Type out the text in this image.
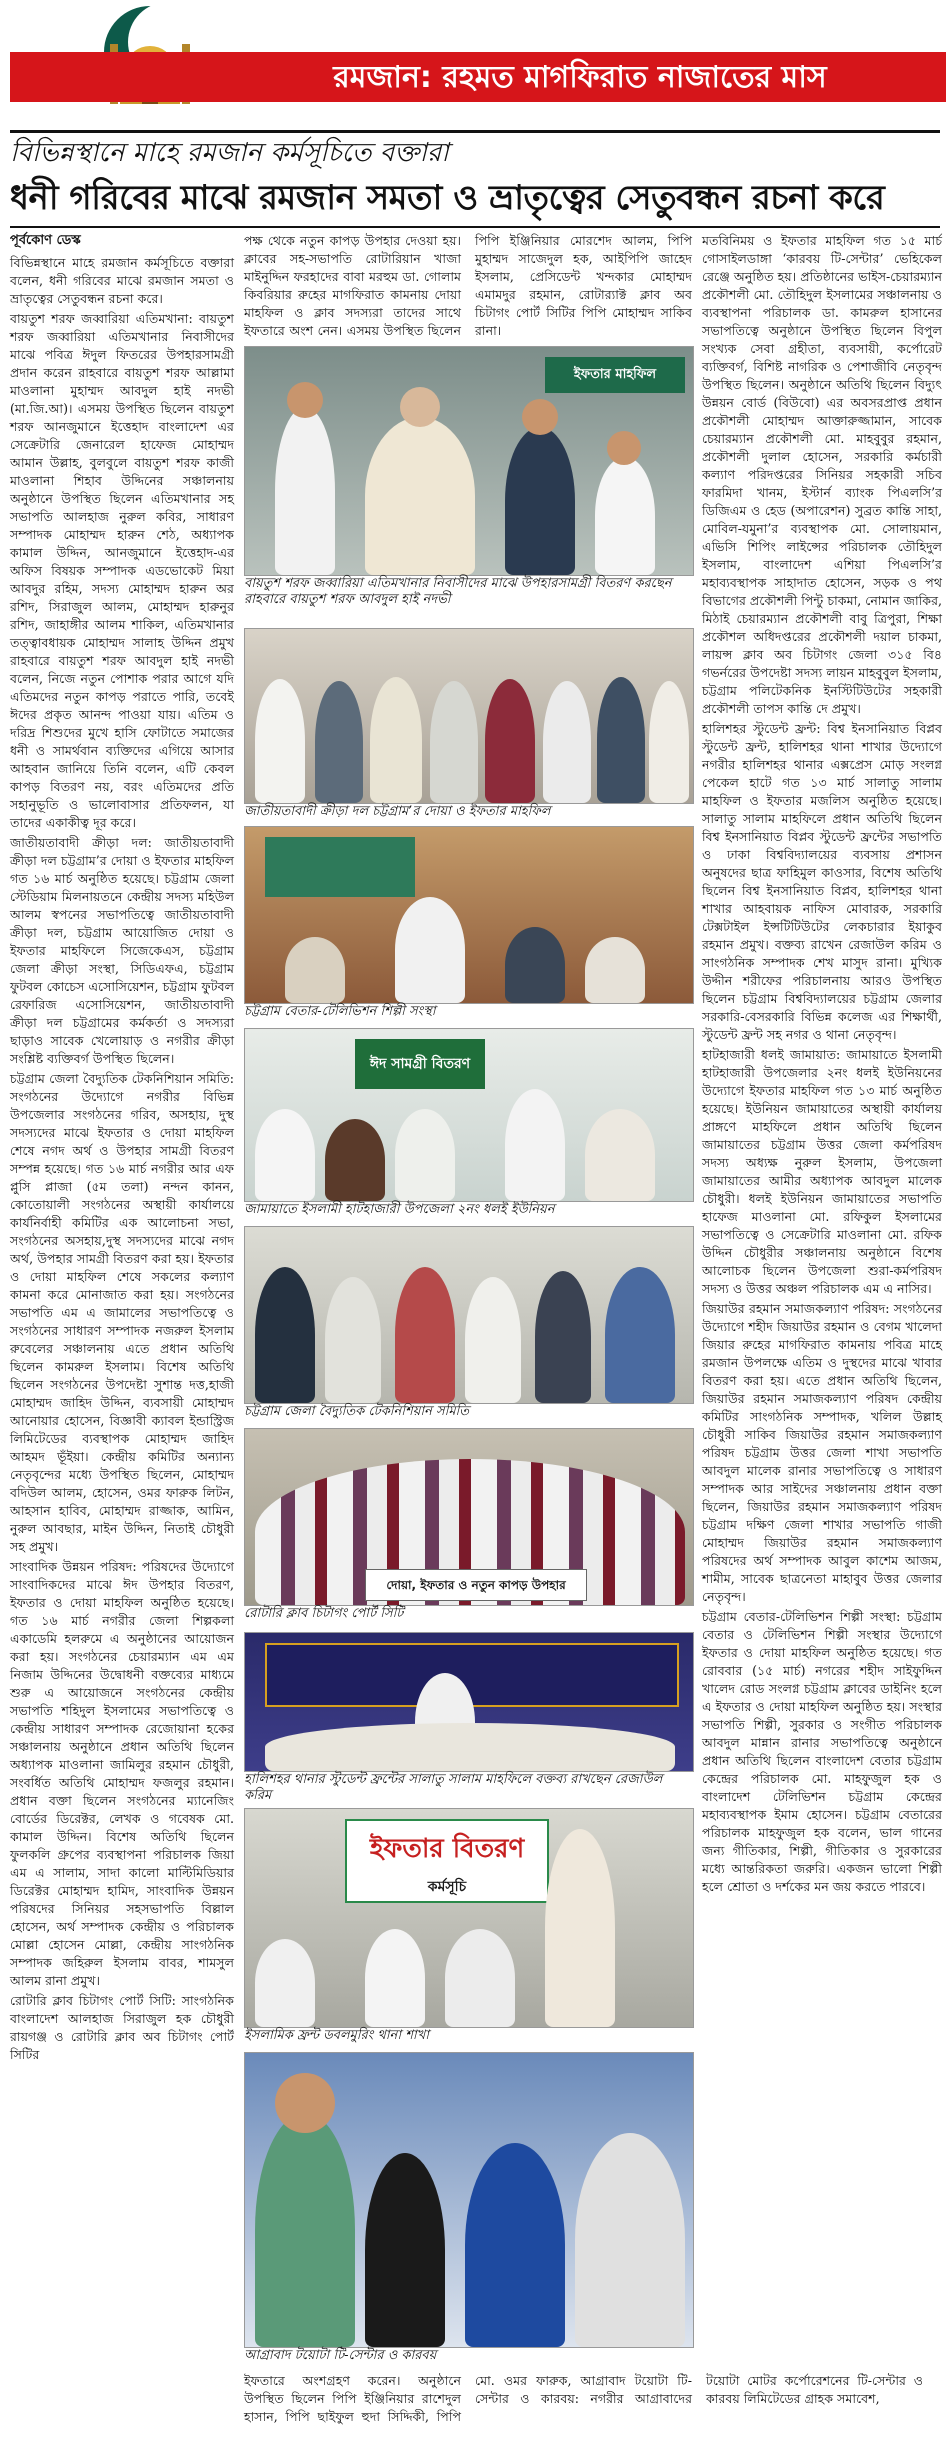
রমজান: রহমত মাগফিরাত নাজাতের মাস
বিভিন্নস্থানে মাহে রমজান কর্মসূচিতে বক্তারা
ধনী গরিবের মাঝে রমজান সমতা ও ভ্রাতৃত্বের সেতুবন্ধন রচনা করে
পূর্বকোণ ডেস্ক

বিভিন্নস্থানে মাহে রমজান কর্মসূচিতে বক্তারা বলেন, ধনী গরিবের মাঝে রমজান সমতা ও ভ্রাতৃত্বের সেতুবন্ধন রচনা করে।

বায়তুশ শরফ জব্বারিয়া এতিমখানা: বায়তুশ শরফ জব্বারিয়া এতিমখানার নিবাসীদের মাঝে পবিত্র ঈদুল ফিতরের উপহারসামগ্রী প্রদান করেন রাহবারে বায়তুশ শরফ আল্লামা মাওলানা মুহাম্মদ আবদুল হাই নদভী (মা.জি.আ)। এসময় উপস্থিত ছিলেন বায়তুশ শরফ আনজুমানে ইত্তেহাদ বাংলাদেশ এর সেক্রেটারি জেনারেল হাফেজ মোহাম্মদ আমান উল্লাহ, বুলবুলে বায়তুশ শরফ কাজী মাওলানা শিহাব উদ্দিনের সঞ্চালনায় অনুষ্ঠানে উপস্থিত ছিলেন এতিমখানার সহ সভাপতি আলহাজ নুরুল কবির, সাধারণ সম্পাদক মোহাম্মদ হারুন শেঠ, অধ্যাপক কামাল উদ্দিন, আনজুমানে ইত্তেহাদ-এর অফিস বিষয়ক সম্পাদক এডভোকেট মিয়া আবদুর রহিম, সদস্য মোহাম্মদ হারুন অর রশিদ, সিরাজুল আলম, মোহাম্মদ হারুনুর রশিদ, জাহাঙ্গীর আলম শাকিল, এতিমখানার তত্ত্বাবধায়ক মোহাম্মদ সালাহ উদ্দিন প্রমুখ রাহবারে বায়তুশ শরফ আবদুল হাই নদভী বলেন, নিজে নতুন পোশাক পরার আগে যদি এতিমদের নতুন কাপড় পরাতে পারি, তবেই ঈদের প্রকৃত আনন্দ পাওয়া যায়। এতিম ও দরিদ্র শিশুদের মুখে হাসি ফোটাতে সমাজের ধনী ও সামর্থবান ব্যক্তিদের এগিয়ে আসার আহবান জানিয়ে তিনি বলেন, এটি কেবল কাপড় বিতরণ নয়, বরং এতিমদের প্রতি সহানুভূতি ও ভালোবাসার প্রতিফলন, যা তাদের একাকীত্ব দূর করে।

জাতীয়তাবাদী ক্রীড়া দল: জাতীয়তাবাদী ক্রীড়া দল চট্টগ্রাম’র দোয়া ও ইফতার মাহফিল গত ১৬ মার্চ অনুষ্ঠিত হয়েছে। চট্টগ্রাম জেলা স্টেডিয়াম মিলনায়তনে কেন্দ্রীয় সদস্য মহিউল আলম স্বপনের সভাপতিত্বে জাতীয়তাবাদী ক্রীড়া দল, চট্টগ্রাম আয়োজিত দোয়া ও ইফতার মাহফিলে সিজেকেএস, চট্টগ্রাম জেলা ক্রীড়া সংস্থা, সিডিএফএ, চট্টগ্রাম ফুটবল কোচেস এসোসিয়েশন, চট্টগ্রাম ফুটবল রেফারিজ এসোসিয়েশন, জাতীয়তাবাদী ক্রীড়া দল চট্টগ্রামের কর্মকর্তা ও সদস্যরা ছাড়াও সাবেক খেলোয়াড় ও নগরীর ক্রীড়া সংশ্লিষ্ট ব্যক্তিবর্গ উপস্থিত ছিলেন।

চট্টগ্রাম জেলা বৈদ্যুতিক টেকনিশিয়ান সমিতি: সংগঠনের উদ্যোগে নগরীর বিভিন্ন উপজেলার সংগঠনের গরিব, অসহায়, দুস্থ সদস্যদের মাঝে ইফতার ও দোয়া মাহফিল শেষে নগদ অর্থ ও উপহার সামগ্রী বিতরণ সম্পন্ন হয়েছে। গত ১৬ মার্চ নগরীর আর এফ প্লুসি প্লাজা (৫ম তলা) নন্দন কানন, কোতোয়ালী সংগঠনের অস্থায়ী কার্যালয়ে কার্যনির্বাহী কমিটির এক আলোচনা সভা, সংগঠনের অসহায়,দুস্থ সদস্যদের মাঝে নগদ অর্থ, উপহার সামগ্রী বিতরণ করা হয়। ইফতার ও দোয়া মাহফিল শেষে সকলের কল্যাণ কামনা করে মোনাজাত করা হয়। সংগঠনের সভাপতি এম এ জামালের সভাপতিত্বে ও সংগঠনের সাধারণ সম্পাদক নজরুল ইসলাম রুবেলের সঞ্চালনায় এতে প্রধান অতিথি ছিলেন কামরুল ইসলাম। বিশেষ অতিথি ছিলেন সংগঠনের উপদেষ্টা সুশান্ত দত্ত,হাজী মোহাম্মদ জাহিদ উদ্দিন, ব্যবসায়ী মোহাম্মদ আনোয়ার হোসেন, বিজ্ঞাবী ক্যাবল ইন্ডাস্ট্রিজ লিমিটেডের ব্যবস্থাপক মোহাম্মদ জাহিদ আহমদ ভূঁইয়া। কেন্দ্রীয় কমিটির অন্যান্য নেতৃবৃন্দের মধ্যে উপস্থিত ছিলেন, মোহাম্মদ বদিউল আলম, হোসেন, ওমর ফারুক লিটন, আহসান হাবিব, মোহাম্মদ রাজ্জাক, আমিন, নুরুল আবছার, মাইন উদ্দিন, নিতাই চৌধুরী সহ প্রমুখ।

সাংবাদিক উন্নয়ন পরিষদ: পরিষদের উদ্যোগে সাংবাদিকদের মাঝে ঈদ উপহার বিতরণ, ইফতার ও দোয়া মাহফিল অনুষ্ঠিত হয়েছে। গত ১৬ মার্চ নগরীর জেলা শিল্পকলা একাডেমি হলরুমে এ অনুষ্ঠানের আয়োজন করা হয়। সংগঠনের চেয়ারম্যান এম এম নিজাম উদ্দিনের উদ্বোধনী বক্তব্যের মাধ্যমে শুরু এ আয়োজনে সংগঠনের কেন্দ্রীয় সভাপতি শহিদুল ইসলামের সভাপতিত্বে ও কেন্দ্রীয় সাধারণ সম্পাদক রেজোয়ানা হকের সঞ্চালনায় অনুষ্ঠানে প্রধান অতিথি ছিলেন অধ্যাপক মাওলানা জামিলুর রহমান চৌধুরী, সংবর্ধিত অতিথি মোহাম্মদ ফজলুর রহমান। প্রধান বক্তা ছিলেন সংগঠনের ম্যানেজিং বোর্ডের ডিরেক্টর, লেখক ও গবেষক মো. কামাল উদ্দিন। বিশেষ অতিথি ছিলেন ফুলকলি গ্রুপের ব্যবস্থাপনা পরিচালক জিয়া এম এ সালাম, সাদা কালো মাল্টিমিডিয়ার ডিরেক্টর মোহাম্মদ হামিদ, সাংবাদিক উন্নয়ন পরিষদের সিনিয়র সহসভাপতি বিল্লাল হোসেন, অর্থ সম্পাদক কেন্দ্রীয় ও পরিচালক মোল্লা হোসেন মোল্লা, কেন্দ্রীয় সাংগঠনিক সম্পাদক জহিরুল ইসলাম বাবর, শামসুল আলম রানা প্রমুখ।

রোটারি ক্লাব চিটাগং পোর্ট সিটি: সাংগঠনিক বাংলাদেশ আলহাজ সিরাজুল হক চৌধুরী রায়গঞ্জ ও রোটারি ক্লাব অব চিটাগং পোর্ট সিটির

পক্ষ থেকে নতুন কাপড় উপহার দেওয়া হয়। ক্লাবের সহ-সভাপতি রোটারিয়ান খাজা মাইনুদ্দিন ফরহাদের বাবা মরহুম ডা. গোলাম কিবরিয়ার রুহের মাগফিরাত কামনায় দোয়া মাহফিল ও ক্লাব সদস্যরা তাদের সাথে ইফতারে অংশ নেন। এসময় উপস্থিত ছিলেন পিপি ইঞ্জিনিয়ার মোরশেদ আলম, পিপি মুহাম্মদ সাজেদুল হক, আইপিপি জাহেদ ইসলাম, প্রেসিডেন্ট খন্দকার মোহাম্মদ এমামদুর রহমান, রোটার‍্যাক্ট ক্লাব অব চিটাগং পোর্ট সিটির পিপি মোহাম্মদ সাকিব রানা।

ইফতার মাহফিল
বায়তুশ শরফ জব্বারিয়া এতিমখানার নিবাসীদের মাঝে উপহারসামগ্রী বিতরণ করছেন রাহবারে বায়তুশ শরফ আবদুল হাই নদভী
জাতীয়তাবাদী ক্রীড়া দল চট্টগ্রাম’র দোয়া ও ইফতার মাহফিল
চট্টগ্রাম বেতার-টেলিভিশন শিল্পী সংস্থা
ঈদ সামগ্রী বিতরণ
জামায়াতে ইসলামী হাটহাজারী উপজেলা ২নং ধলই ইউনিয়ন
চট্টগ্রাম জেলা বৈদ্যুতিক টেকনিশিয়ান সমিতি
দোয়া, ইফতার ও নতুন কাপড় উপহার
রোটারি ক্লাব চিটাগং পোর্ট সিটি
হালিশহর থানার স্টুডেন্ট ফ্রন্টের সালাতু সালাম মাহফিলে বক্তব্য রাখছেন রেজাউল করিম
ইফতার বিতরণ
কর্মসূচি
ইসলামিক ফ্রন্ট ডবলমুরিং থানা শাখা
আগ্রাবাদ টয়োটা টি-সেন্টার ও কারবয়

ইফতারে অংশগ্রহণ করেন। অনুষ্ঠানে উপস্থিত ছিলেন পিপি ইঞ্জিনিয়ার রাশেদুল হাসান, পিপি ছাইফুল হুদা সিদ্দিকী, পিপি মো. ওমর ফারুক, আগ্রাবাদ টয়োটা টি-সেন্টার ও কারবয়: নগরীর আগ্রাবাদের টয়োটা মোটর কর্পোরেশনের টি-সেন্টার ও কারবয় লিমিটেডের গ্রাহক সমাবেশ,

মতবিনিময় ও ইফতার মাহফিল গত ১৫ মার্চ গোসাইলডাঙ্গা ‘কারবয় টি-সেন্টার’ ভেহিকেল রেঞ্জে অনুষ্ঠিত হয়। প্রতিষ্ঠানের ভাইস-চেয়ারম্যান প্রকৌশলী মো. তৌহিদুল ইসলামের সঞ্চালনায় ও ব্যবস্থাপনা পরিচালক ডা. কামরুল হাসানের সভাপতিত্বে অনুষ্ঠানে উপস্থিত ছিলেন বিপুল সংখ্যক সেবা গ্রহীতা, ব্যবসায়ী, কর্পোরেট ব্যক্তিবর্গ, বিশিষ্ট নাগরিক ও পেশাজীবি নেতৃবৃন্দ উপস্থিত ছিলেন। অনুষ্ঠানে অতিথি ছিলেন বিদ্যুৎ উন্নয়ন বোর্ড (বিউবো) এর অবসরপ্রাপ্ত প্রধান প্রকৌশলী মোহাম্মদ আক্তারুজ্জামান, সাবেক চেয়ারম্যান প্রকৌশলী মো. মাহবুবুর রহমান, প্রকৌশলী দুলাল হোসেন, সরকারি কর্মচারী কল্যাণ পরিদপ্তরের সিনিয়র সহকারী সচিব ফারমিদা খানম, ইস্টার্ন ব্যাংক পিএলসি’র ডিজিএম ও হেড (অপারেশন) সুব্রত কান্তি সাহা, মোবিল-যমুনা’র ব্যবস্থাপক মো. সোলায়মান, এভিসি শিপিং লাইন্সের পরিচালক তৌহিদুল ইসলাম, বাংলাদেশ এশিয়া পিএলসি’র মহাব্যবস্থাপক সাহাদাত হোসেন, সড়ক ও পথ বিভাগের প্রকৌশলী পিন্টু চাকমা, নোমান জাকির, মিঠাই চেয়ারম্যান প্রকৌশলী বাবু ত্রিপুরা, শিক্ষা প্রকৌশল অধিদপ্তরের প্রকৌশলী দয়াল চাকমা, লায়ন্স ক্লাব অব চিটাগং জেলা ৩১৫ বি৪ গভর্নরের উপদেষ্টা সদস্য লায়ন মাহবুবুল ইসলাম, চট্টগ্রাম পলিটেকনিক ইনস্টিটিউটের সহকারী প্রকৌশলী তাপস কান্তি দে প্রমুখ।

হালিশহর স্টুডেন্ট ফ্রন্ট: বিশ্ব ইনসানিয়াত বিপ্লব স্টুডেন্ট ফ্রন্ট, হালিশহর থানা শাখার উদ্যোগে নগরীর হালিশহর থানার এক্সপ্রেস মোড় সংলগ্ন পেকেল হাটে গত ১৩ মার্চ সালাতু সালাম মাহফিল ও ইফতার মজলিস অনুষ্ঠিত হয়েছে। সালাতু সালাম মাহফিলে প্রধান অতিথি ছিলেন বিশ্ব ইনসানিয়াত বিপ্লব স্টুডেন্ট ফ্রন্টের সভাপতি ও ঢাকা বিশ্ববিদ্যালয়ের ব্যবসায় প্রশাসন অনুষদের ছাত্র ফাহিমুল কাওসার, বিশেষ অতিথি ছিলেন বিশ্ব ইনসানিয়াত বিপ্লব, হালিশহর থানা শাখার আহবায়ক নাফিস মোবারক, সরকারি টেক্সটাইল ইন্সটিটিউটের লেকচারার ইয়াকুব রহমান প্রমুখ। বক্তব্য রাখেন রেজাউল করিম ও সাংগঠনিক সম্পাদক শেখ মাসুদ রানা। মুখ্যিক উদ্দীন শরীফের পরিচালনায় আরও উপস্থিত ছিলেন চট্টগ্রাম বিশ্ববিদ্যালয়ের চট্টগ্রাম জেলার সরকারি-বেসরকারি বিভিন্ন কলেজ এর শিক্ষার্থী, স্টুডেন্ট ফ্রন্ট সহ নগর ও থানা নেতৃবৃন্দ।

হাটহাজারী ধলই জামায়াত: জামায়াতে ইসলামী হাটহাজারী উপজেলার ২নং ধলই ইউনিয়নের উদ্যোগে ইফতার মাহফিল গত ১৩ মার্চ অনুষ্ঠিত হয়েছে। ইউনিয়ন জামায়াতের অস্থায়ী কার্যালয় প্রাঙ্গণে মাহফিলে প্রধান অতিথি ছিলেন জামায়াতের চট্টগ্রাম উত্তর জেলা কর্মপরিষদ সদস্য অধ্যক্ষ নুরুল ইসলাম, উপজেলা জামায়াতের আমীর অধ্যাপক আবদুল মালেক চৌধুরী। ধলই ইউনিয়ন জামায়াতের সভাপতি হাফেজ মাওলানা মো. রফিকুল ইসলামের সভাপতিত্বে ও সেক্রেটারি মাওলানা মো. রফিক উদ্দিন চৌধুরীর সঞ্চালনায় অনুষ্ঠানে বিশেষ আলোচক ছিলেন উপজেলা শুরা-কর্মপরিষদ সদস্য ও উত্তর অঞ্চল পরিচালক এম এ নাসির।

জিয়াউর রহমান সমাজকল্যাণ পরিষদ: সংগঠনের উদ্যোগে শহীদ জিয়াউর রহমান ও বেগম খালেদা জিয়ার রুহের মাগফিরাত কামনায় পবিত্র মাহে রমজান উপলক্ষে এতিম ও দুস্থদের মাঝে খাবার বিতরণ করা হয়। এতে প্রধান অতিথি ছিলেন, জিয়াউর রহমান সমাজকল্যাণ পরিষদ কেন্দ্রীয় কমিটির সাংগঠনিক সম্পাদক, খলিল উল্লাহ চৌধুরী সাকিব জিয়াউর রহমান সমাজকল্যাণ পরিষদ চট্টগ্রাম উত্তর জেলা শাখা সভাপতি আবদুল মালেক রানার সভাপতিত্বে ও সাধারণ সম্পাদক আর সাইদের সঞ্চালনায় প্রধান বক্তা ছিলেন, জিয়াউর রহমান সমাজকল্যাণ পরিষদ চট্টগ্রাম দক্ষিণ জেলা শাখার সভাপতি গাজী মোহাম্মদ জিয়াউর রহমান সমাজকল্যাণ পরিষদের অর্থ সম্পাদক আবুল কাশেম আজম, শামীম, সাবেক ছাত্রনেতা মাহাবুব উত্তর জেলার নেতৃবৃন্দ।

চট্টগ্রাম বেতার-টেলিভিশন শিল্পী সংস্থা: চট্টগ্রাম বেতার ও টেলিভিশন শিল্পী সংস্থার উদ্যোগে ইফতার ও দোয়া মাহফিল অনুষ্ঠিত হয়েছে। গত রোববার (১৫ মার্চ) নগরের শহীদ সাইফুদ্দিন খালেদ রোড সংলগ্ন চট্টগ্রাম ক্লাবের ডাইনিং হলে এ ইফতার ও দোয়া মাহফিল অনুষ্ঠিত হয়। সংস্থার সভাপতি শিল্পী, সুরকার ও সংগীত পরিচালক আবদুল মান্নান রানার সভাপতিত্বে অনুষ্ঠানে প্রধান অতিথি ছিলেন বাংলাদেশ বেতার চট্টগ্রাম কেন্দ্রের পরিচালক মো. মাহফুজুল হক ও বাংলাদেশ টেলিভিশন চট্টগ্রাম কেন্দ্রের মহাব্যবস্থাপক ইমাম হোসেন। চট্টগ্রাম বেতারের পরিচালক মাহফুজুল হক বলেন, ভাল গানের জন্য গীতিকার, শিল্পী, গীতিকার ও সুরকারের মধ্যে আন্তরিকতা জরুরি। একজন ভালো শিল্পী হলে শ্রোতা ও দর্শকের মন জয় করতে পারবে।
